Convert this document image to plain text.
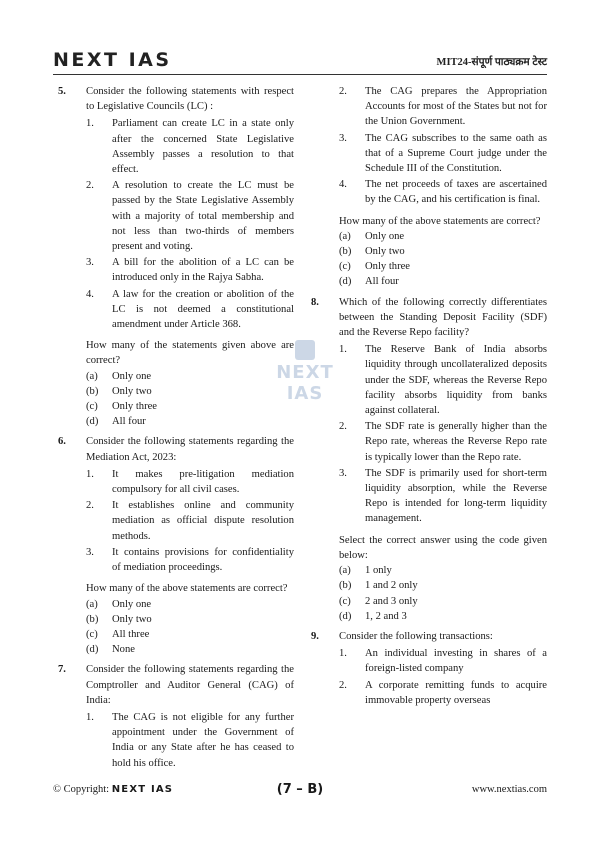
NEXT IAS	MIT24-संपूर्ण पाठ्यक्रम टेस्ट
NEXT
IAS
5. Consider the following statements with respect to Legislative Councils (LC) :
1. Parliament can create LC in a state only after the concerned State Legislative Assembly passes a resolution to that effect.
2. A resolution to create the LC must be passed by the State Legislative Assembly with a majority of total membership and not less than two-thirds of members present and voting.
3. A bill for the abolition of a LC can be introduced only in the Rajya Sabha.
4. A law for the creation or abolition of the LC is not deemed a constitutional amendment under Article 368.
How many of the statements given above are correct?
(a) Only one
(b) Only two
(c) Only three
(d) All four
6. Consider the following statements regarding the Mediation Act, 2023:
1. It makes pre-litigation mediation compulsory for all civil cases.
2. It establishes online and community mediation as official dispute resolution methods.
3. It contains provisions for confidentiality of mediation proceedings.
How many of the above statements are correct?
(a) Only one
(b) Only two
(c) All three
(d) None
7. Consider the following statements regarding the Comptroller and Auditor General (CAG) of India:
1. The CAG is not eligible for any further appointment under the Government of India or any State after he has ceased to hold his office.
2. The CAG prepares the Appropriation Accounts for most of the States but not for the Union Government.
3. The CAG subscribes to the same oath as that of a Supreme Court judge under the Schedule III of the Constitution.
4. The net proceeds of taxes are ascertained by the CAG, and his certification is final.
How many of the above statements are correct?
(a) Only one
(b) Only two
(c) Only three
(d) All four
8. Which of the following correctly differentiates between the Standing Deposit Facility (SDF) and the Reverse Repo facility?
1. The Reserve Bank of India absorbs liquidity through uncollateralized deposits under the SDF, whereas the Reverse Repo facility absorbs liquidity from banks against collateral.
2. The SDF rate is generally higher than the Repo rate, whereas the Reverse Repo rate is typically lower than the Repo rate.
3. The SDF is primarily used for short-term liquidity absorption, while the Reverse Repo is intended for long-term liquidity management.
Select the correct answer using the code given below:
(a) 1 only
(b) 1 and 2 only
(c) 2 and 3 only
(d) 1, 2 and 3
9. Consider the following transactions:
1. An individual investing in shares of a foreign-listed company
2. A corporate remitting funds to acquire immovable property overseas
© Copyright: NEXT IAS	(7 – B)	www.nextias.com
